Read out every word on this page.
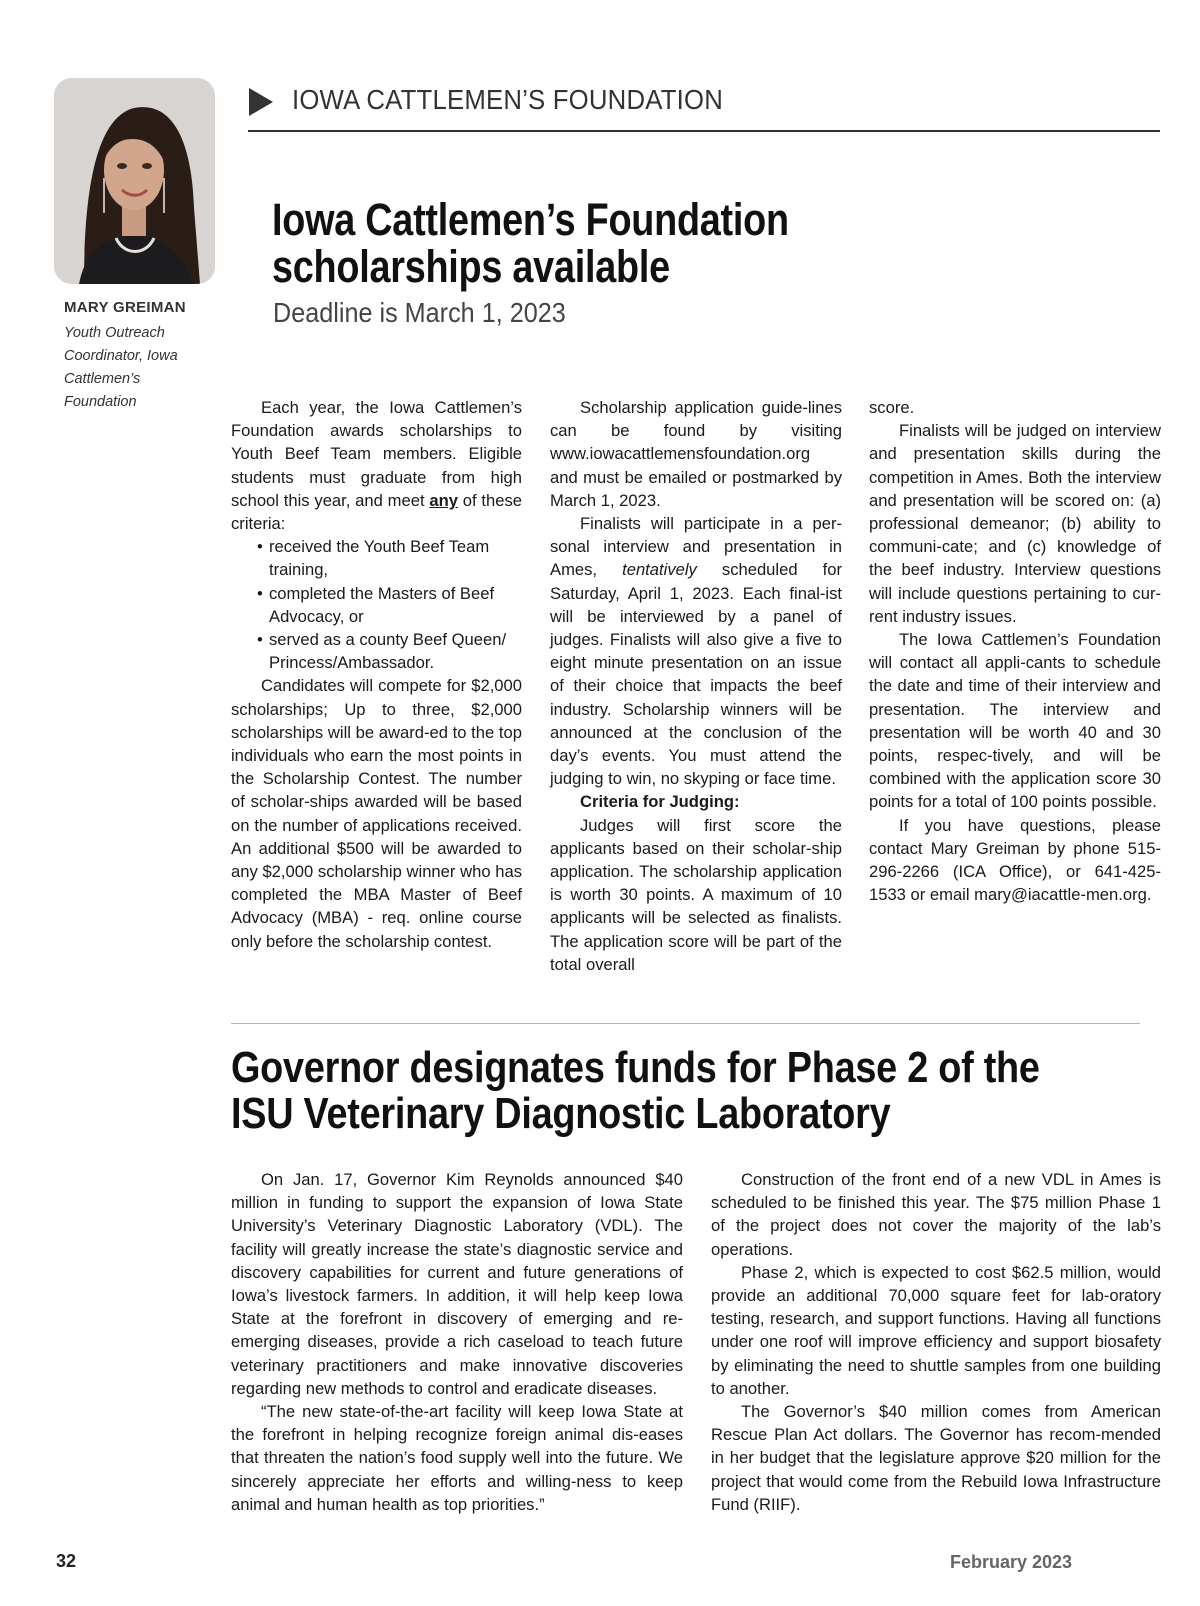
MARY GREIMAN
Youth Outreach Coordinator, Iowa Cattlemen’s Foundation
IOWA CATTLEMEN’S FOUNDATION
Iowa Cattlemen’s Foundation scholarships available
Deadline is March 1, 2023

Each year, the Iowa Cattlemen’s Foundation awards scholarships to Youth Beef Team members. Eligible students must graduate from high school this year, and meet any of these criteria:

• received the Youth Beef Team training,
• completed the Masters of Beef Advocacy, or
• served as a county Beef Queen/ Princess/Ambassador.

Candidates will compete for $2,000 scholarships; Up to three, $2,000 scholarships will be award-ed to the top individuals who earn the most points in the Scholarship Contest. The number of scholar-ships awarded will be based on the number of applications received. An additional $500 will be awarded to any $2,000 scholarship winner who has completed the MBA Master of Beef Advocacy (MBA) - req. online course only before the scholarship contest.

Scholarship application guide-lines can be found by visiting www.iowacattlemensfoundation.org and must be emailed or postmarked by March 1, 2023.

Finalists will participate in a per-sonal interview and presentation in Ames, tentatively scheduled for Saturday, April 1, 2023. Each final-ist will be interviewed by a panel of judges. Finalists will also give a five to eight minute presentation on an issue of their choice that impacts the beef industry. Scholarship winners will be announced at the conclusion of the day’s events. You must attend the judging to win, no skyping or face time.

Criteria for Judging:

Judges will first score the applicants based on their scholar-ship application. The scholarship application is worth 30 points. A maximum of 10 applicants will be selected as finalists. The application score will be part of the total overall

score.

Finalists will be judged on interview and presentation skills during the competition in Ames. Both the interview and presentation will be scored on: (a) professional demeanor; (b) ability to communi-cate; and (c) knowledge of the beef industry. Interview questions will include questions pertaining to cur-rent industry issues.

The Iowa Cattlemen’s Foundation will contact all appli-cants to schedule the date and time of their interview and presentation. The interview and presentation will be worth 40 and 30 points, respec-tively, and will be combined with the application score 30 points for a total of 100 points possible.

If you have questions, please contact Mary Greiman by phone 515-296-2266 (ICA Office), or 641-425-1533 or email mary@iacattle-men.org.

Governor designates funds for Phase 2 of the ISU Veterinary Diagnostic Laboratory

On Jan. 17, Governor Kim Reynolds announced $40 million in funding to support the expansion of Iowa State University’s Veterinary Diagnostic Laboratory (VDL). The facility will greatly increase the state’s diagnostic service and discovery capabilities for current and future generations of Iowa’s livestock farmers. In addition, it will help keep Iowa State at the forefront in discovery of emerging and re-emerging diseases, provide a rich caseload to teach future veterinary practitioners and make innovative discoveries regarding new methods to control and eradicate diseases.

“The new state-of-the-art facility will keep Iowa State at the forefront in helping recognize foreign animal dis-eases that threaten the nation’s food supply well into the future. We sincerely appreciate her efforts and willing-ness to keep animal and human health as top priorities.”

Construction of the front end of a new VDL in Ames is scheduled to be finished this year. The $75 million Phase 1 of the project does not cover the majority of the lab’s operations.

Phase 2, which is expected to cost $62.5 million, would provide an additional 70,000 square feet for lab-oratory testing, research, and support functions. Having all functions under one roof will improve efficiency and support biosafety by eliminating the need to shuttle samples from one building to another.

The Governor’s $40 million comes from American Rescue Plan Act dollars. The Governor has recom-mended in her budget that the legislature approve $20 million for the project that would come from the Rebuild Iowa Infrastructure Fund (RIIF).

32	February 2023
